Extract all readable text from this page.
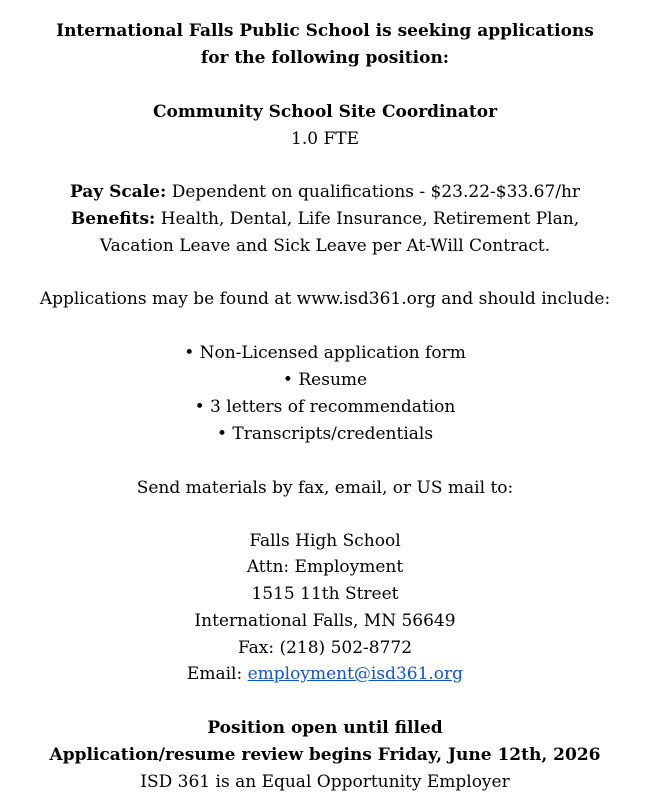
International Falls Public School is seeking applications
for the following position:
Community School Site Coordinator
1.0 FTE
Pay Scale: Dependent on qualifications - $23.22-$33.67/hr
Benefits: Health, Dental, Life Insurance, Retirement Plan,
Vacation Leave and Sick Leave per At-Will Contract.
Applications may be found at www.isd361.org and should include:
• Non-Licensed application form
• Resume
• 3 letters of recommendation
• Transcripts/credentials
Send materials by fax, email, or US mail to:
Falls High School
Attn: Employment
1515 11th Street
International Falls, MN 56649
Fax: (218) 502-8772
Email: employment@isd361.org
Position open until filled
Application/resume review begins Friday, June 12th, 2026
ISD 361 is an Equal Opportunity Employer
